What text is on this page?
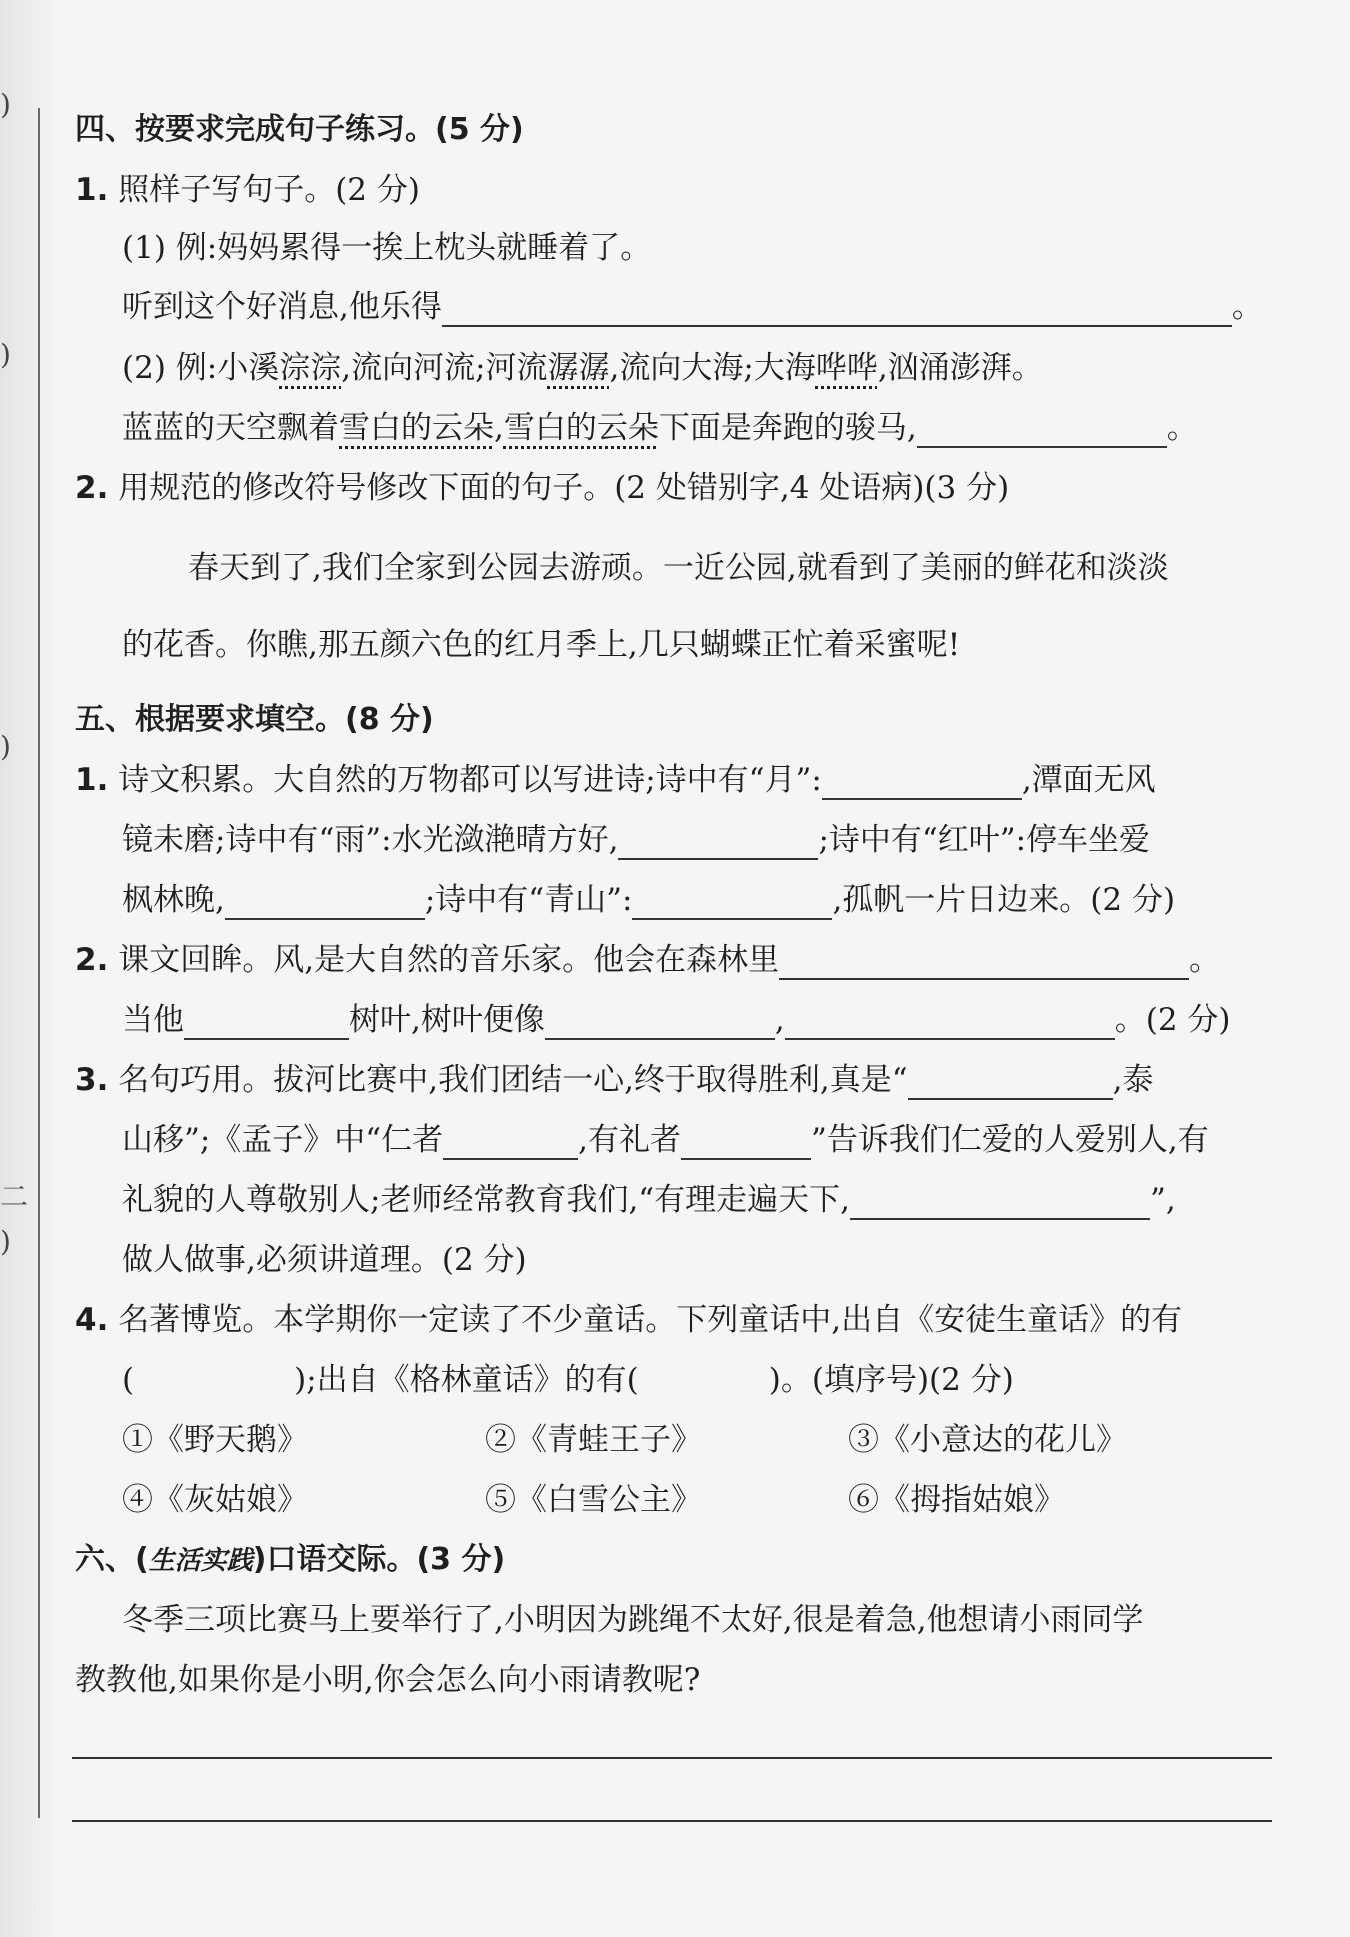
)
)
)
二
)
四、按要求完成句子练习。(5 分)
1. 照样子写句子。(2 分)
(1) 例:妈妈累得一挨上枕头就睡着了。
听到这个好消息,他乐得	。
(2) 例:小溪淙淙,流向河流;河流潺潺,流向大海;大海哗哗,汹涌澎湃。
蓝蓝的天空飘着雪白的云朵,雪白的云朵下面是奔跑的骏马,	。
2. 用规范的修改符号修改下面的句子。(2 处错别字,4 处语病)(3 分)
春天到了,我们全家到公园去游顽。一近公园,就看到了美丽的鲜花和淡淡
的花香。你瞧,那五颜六色的红月季上,几只蝴蝶正忙着采蜜呢!
五、根据要求填空。(8 分)
1. 诗文积累。大自然的万物都可以写进诗;诗中有“月”:	,潭面无风
镜未磨;诗中有“雨”:水光潋滟晴方好,	;诗中有“红叶”:停车坐爱
枫林晚,	;诗中有“青山”:	,孤帆一片日边来。(2 分)
2. 课文回眸。风,是大自然的音乐家。他会在森林里	。
当他	树叶,树叶便像	,	。(2 分)
3. 名句巧用。拔河比赛中,我们团结一心,终于取得胜利,真是“	,泰
山移”;《孟子》中“仁者	,有礼者	”告诉我们仁爱的人爱别人,有
礼貌的人尊敬别人;老师经常教育我们,“有理走遍天下,	”,
做人做事,必须讲道理。(2 分)
4. 名著博览。本学期你一定读了不少童话。下列童话中,出自《安徒生童话》的有
(	);出自《格林童话》的有(	)。(填序号)(2 分)
①《野天鹅》	②《青蛙王子》	③《小意达的花儿》
④《灰姑娘》	⑤《白雪公主》	⑥《拇指姑娘》
六、(生活实践)口语交际。(3 分)
冬季三项比赛马上要举行了,小明因为跳绳不太好,很是着急,他想请小雨同学
教教他,如果你是小明,你会怎么向小雨请教呢?
